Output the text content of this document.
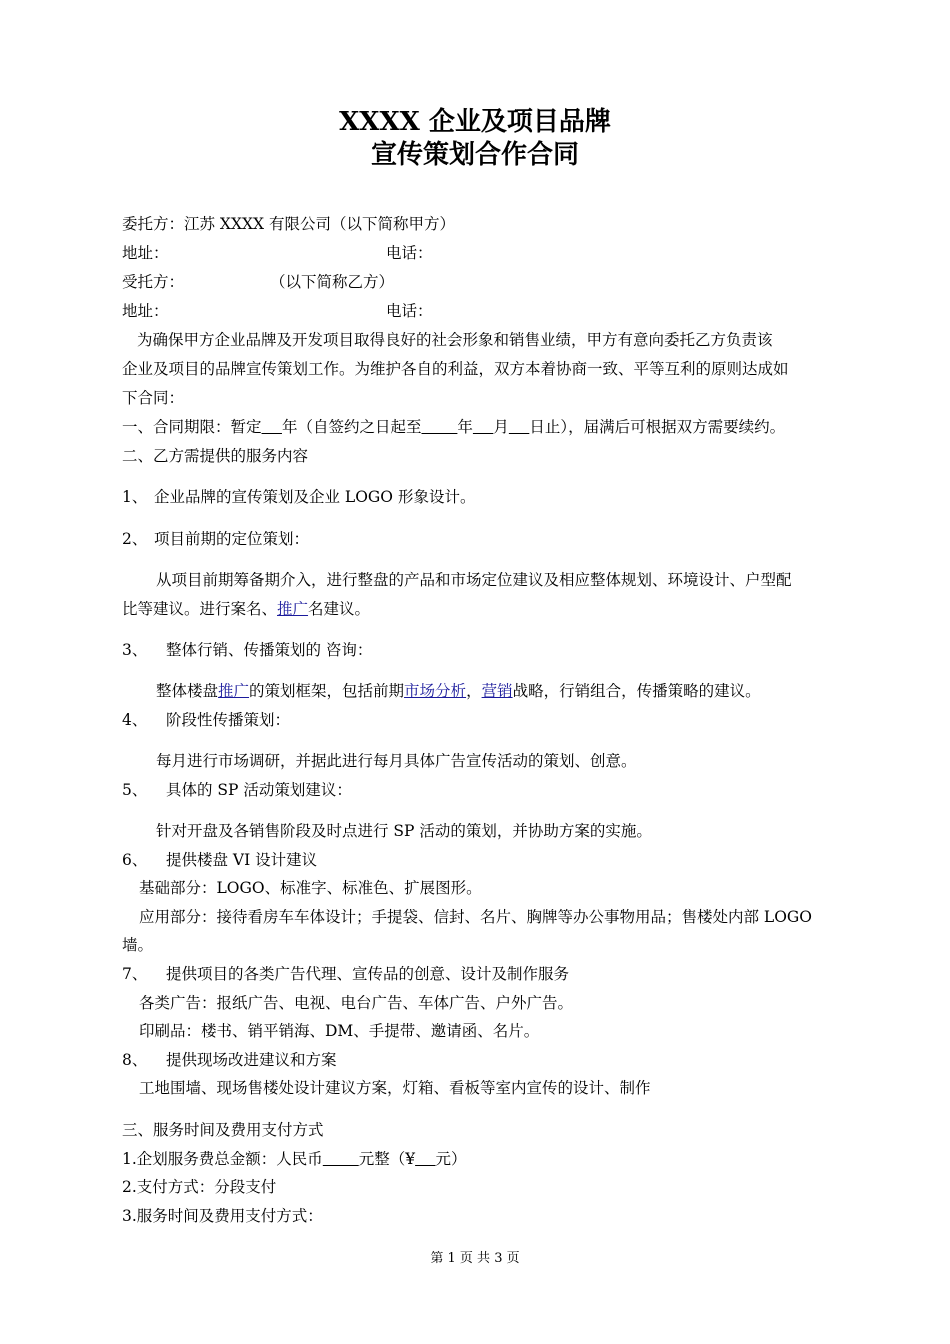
XXXX 企业及项目品牌
宣传策划合作合同
委托方：江苏 XXXX 有限公司（以下简称甲方）
地址：	电话：
受托方：	（以下简称乙方）
地址：	电话：
为确保甲方企业品牌及开发项目取得良好的社会形象和销售业绩，甲方有意向委托乙方负责该
企业及项目的品牌宣传策划工作。为维护各自的利益，双方本着协商一致、平等互利的原则达成如
下合同：
一、合同期限：暂定　 年（自签约之日起至　 　 年　 月　 日止），届满后可根据双方需要续约。
二、乙方需提供的服务内容
1、 企业品牌的宣传策划及企业 LOGO 形象设计。
2、 项目前期的定位策划：
从项目前期筹备期介入，进行整盘的产品和市场定位建议及相应整体规划、环境设计、户型配
比等建议。进行案名、推广名建议。
3、 整体行销、传播策划的 咨询：
整体楼盘推广的策划框架，包括前期市场分析，营销战略，行销组合，传播策略的建议。
4、 阶段性传播策划：
每月进行市场调研，并据此进行每月具体广告宣传活动的策划、创意。
5、 具体的 SP 活动策划建议：
针对开盘及各销售阶段及时点进行 SP 活动的策划，并协助方案的实施。
6、 提供楼盘 VI 设计建议
基础部分：LOGO、标准字、标准色、扩展图形。
应用部分：接待看房车车体设计；手提袋、信封、名片、胸牌等办公事物用品；售楼处内部 LOGO
墙。
7、 提供项目的各类广告代理、宣传品的创意、设计及制作服务
各类广告：报纸广告、电视、电台广告、车体广告、户外广告。
印刷品：楼书、销平销海、DM、手提带、邀请函、名片。
8、 提供现场改进建议和方案
工地围墙、现场售楼处设计建议方案，灯箱、看板等室内宣传的设计、制作
三、服务时间及费用支付方式
1.企划服务费总金额：人民币　　 元整（¥　 元）
2.支付方式：分段支付
3.服务时间及费用支付方式：
第 1 页 共 3 页
